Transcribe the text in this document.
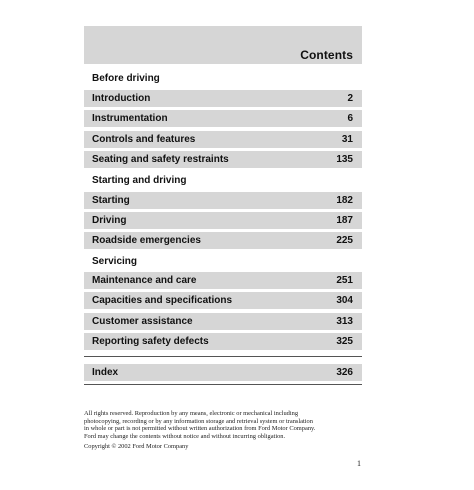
Contents
Before driving
Introduction	2
Instrumentation	6
Controls and features	31
Seating and safety restraints	135
Starting and driving
Starting	182
Driving	187
Roadside emergencies	225
Servicing
Maintenance and care	251
Capacities and specifications	304
Customer assistance	313
Reporting safety defects	325
Index	326

All rights reserved. Reproduction by any means, electronic or mechanical including

photocopying, recording or by any information storage and retrieval system or translation

in whole or part is not permitted without written authorization from Ford Motor Company.

Ford may change the contents without notice and without incurring obligation.

Copyright © 2002 Ford Motor Company

1
